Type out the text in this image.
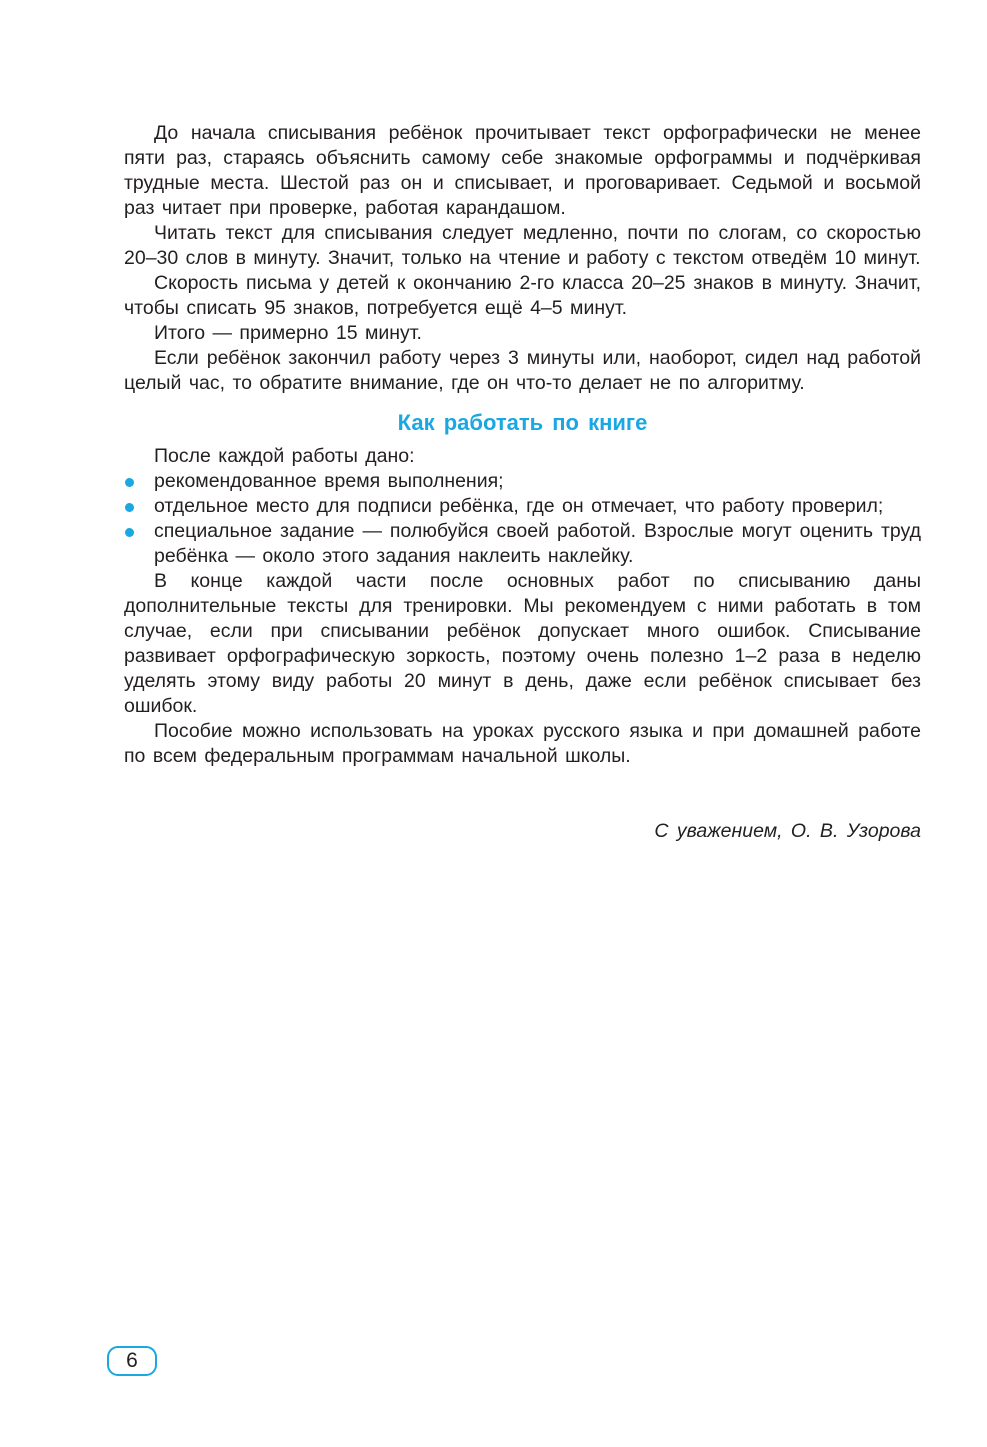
До начала списывания ребёнок прочитывает текст орфографически не менее пяти раз, стараясь объяснить самому себе знакомые орфограммы и подчёркивая трудные места. Шестой раз он и списывает, и проговаривает. Седьмой и восьмой раз читает при проверке, работая карандашом.

Читать текст для списывания следует медленно, почти по слогам, со скоростью 20–30 слов в минуту. Значит, только на чтение и работу с текстом отведём 10 минут.

Скорость письма у детей к окончанию 2-го класса 20–25 знаков в минуту. Значит, чтобы списать 95 знаков, потребуется ещё 4–5 минут.

Итого — примерно 15 минут.

Если ребёнок закончил работу через 3 минуты или, наоборот, сидел над работой целый час, то обратите внимание, где он что-то делает не по алгоритму.

Как работать по книге

После каждой работы дано:

рекомендованное время выполнения;
отдельное место для подписи ребёнка, где он отмечает, что работу проверил;
специальное задание — полюбуйся своей работой. Взрослые могут оценить труд ребёнка — около этого задания наклеить наклейку.

В конце каждой части после основных работ по списыванию даны дополнительные тексты для тренировки. Мы рекомендуем с ними работать в том случае, если при списывании ребёнок допускает много ошибок. Списывание развивает орфографическую зоркость, поэтому очень полезно 1–2 раза в неделю уделять этому виду работы 20 минут в день, даже если ребёнок списывает без ошибок.

Пособие можно использовать на уроках русского языка и при домашней работе по всем федеральным программам начальной школы.

С уважением, О. В. Узорова

6
